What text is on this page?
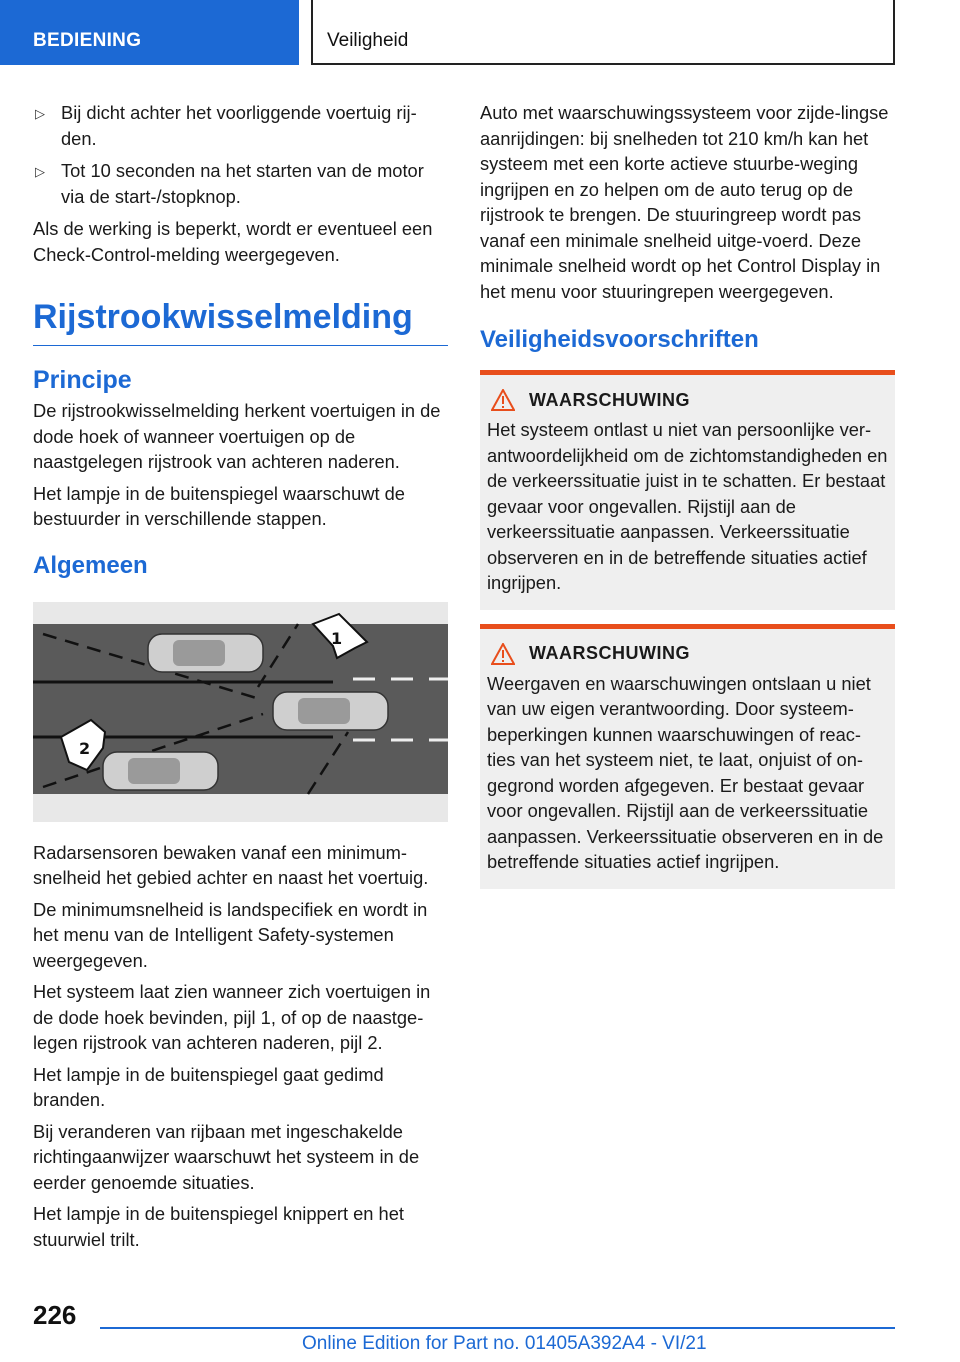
BEDIENING	Veiligheid

▷ Bij dicht achter het voorliggende voertuig rij-den.

▷ Tot 10 seconden na het starten van de motor via de start-/stopknop.

Als de werking is beperkt, wordt er eventueel een Check-Control-melding weergegeven.

Rijstrookwisselmelding
Principe

De rijstrookwisselmelding herkent voertuigen in de dode hoek of wanneer voertuigen op de naastgelegen rijstrook van achteren naderen.

Het lampje in de buitenspiegel waarschuwt de bestuurder in verschillende stappen.

Algemeen
1
2

Radarsensoren bewaken vanaf een minimum-snelheid het gebied achter en naast het voertuig.

De minimumsnelheid is landspecifiek en wordt in het menu van de Intelligent Safety-systemen weergegeven.

Het systeem laat zien wanneer zich voertuigen in de dode hoek bevinden, pijl 1, of op de naastge-legen rijstrook van achteren naderen, pijl 2.

Het lampje in de buitenspiegel gaat gedimd branden.

Bij veranderen van rijbaan met ingeschakelde richtingaanwijzer waarschuwt het systeem in de eerder genoemde situaties.

Het lampje in de buitenspiegel knippert en het stuurwiel trilt.

Auto met waarschuwingssysteem voor zijde-lingse aanrijdingen: bij snelheden tot 210 km/h kan het systeem met een korte actieve stuurbe-weging ingrijpen en zo helpen om de auto terug op de rijstrook te brengen. De stuuringreep wordt pas vanaf een minimale snelheid uitge-voerd. Deze minimale snelheid wordt op het Control Display in het menu voor stuuringrepen weergegeven.

Veiligheidsvoorschriften
WAARSCHUWING

Het systeem ontlast u niet van persoonlijke ver-antwoordelijkheid om de zichtomstandigheden en de verkeerssituatie juist in te schatten. Er bestaat gevaar voor ongevallen. Rijstijl aan de verkeerssituatie aanpassen. Verkeerssituatie observeren en in de betreffende situaties actief ingrijpen.

WAARSCHUWING

Weergaven en waarschuwingen ontslaan u niet van uw eigen verantwoording. Door systeem-beperkingen kunnen waarschuwingen of reac-ties van het systeem niet, te laat, onjuist of on-gegrond worden afgegeven. Er bestaat gevaar voor ongevallen. Rijstijl aan de verkeerssituatie aanpassen. Verkeerssituatie observeren en in de betreffende situaties actief ingrijpen.

226
Online Edition for Part no. 01405A392A4 - VI/21
